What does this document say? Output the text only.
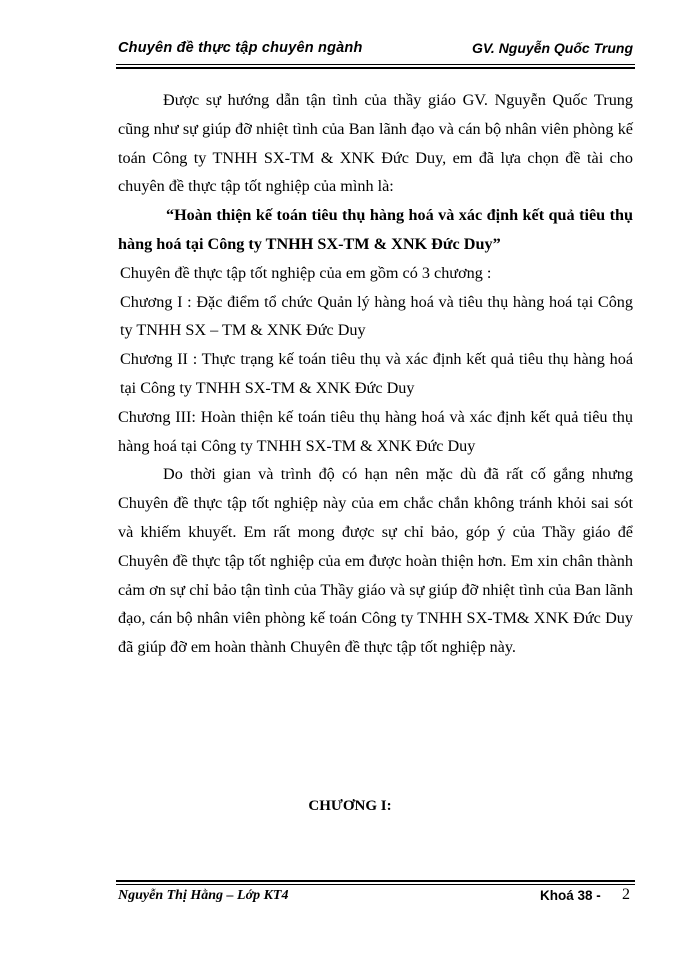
Chuyên đề thực tập chuyên ngành	GV. Nguyễn Quốc Trung

Được sự hướng dẫn tận tình của thầy giáo GV. Nguyễn Quốc Trung cũng như sự giúp đỡ nhiệt tình của Ban lãnh đạo và cán bộ nhân viên phòng kế toán Công ty TNHH SX-TM & XNK Đức Duy, em đã lựa chọn đề tài cho chuyên đề thực tập tốt nghiệp của mình là:

“Hoàn thiện kế toán tiêu thụ hàng hoá và xác định kết quả tiêu thụ hàng hoá tại Công ty TNHH SX-TM & XNK Đức Duy”

Chuyên đề thực tập tốt nghiệp của em gồm có 3 chương :

Chương I : Đặc điểm tổ chức Quản lý hàng hoá và tiêu thụ hàng hoá tại Công ty TNHH SX – TM & XNK Đức Duy

Chương II : Thực trạng kế toán tiêu thụ và xác định kết quả tiêu thụ hàng hoá tại Công ty TNHH SX-TM & XNK Đức Duy

Chương III: Hoàn thiện kế toán tiêu thụ hàng hoá và xác định kết quả tiêu thụ hàng hoá tại Công ty TNHH SX-TM & XNK Đức Duy

Do thời gian và trình độ có hạn nên mặc dù đã rất cố gắng nhưng Chuyên đề thực tập tốt nghiệp này của em chắc chắn không tránh khỏi sai sót và khiếm khuyết. Em rất mong được sự chỉ bảo, góp ý của Thầy giáo để Chuyên đề thực tập tốt nghiệp của em được hoàn thiện hơn. Em xin chân thành cảm ơn sự chỉ bảo tận tình của Thầy giáo và sự giúp đỡ nhiệt tình của Ban lãnh đạo, cán bộ nhân viên phòng kế toán Công ty TNHH SX-TM& XNK Đức Duy đã giúp đỡ em hoàn thành Chuyên đề thực tập tốt nghiệp này.

CHƯƠNG I:
Nguyễn Thị Hằng – Lớp KT4	Khoá 38 - 2
